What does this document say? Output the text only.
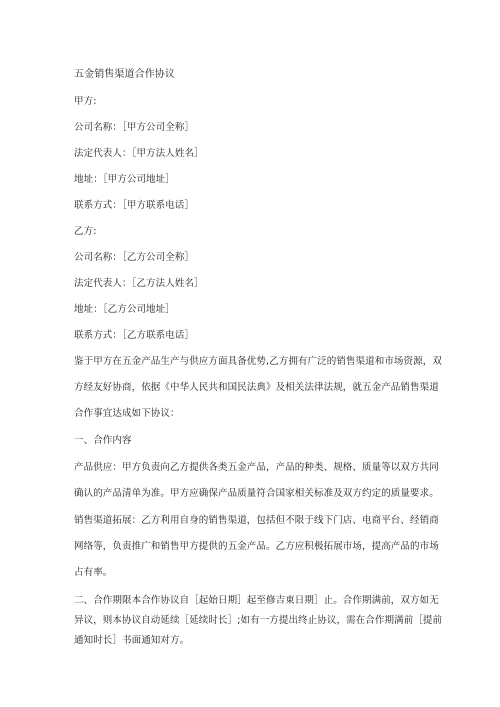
五金销售渠道合作协议

甲方:

公司名称：［甲方公司全称］

法定代表人：［甲方法人姓名］

地址：［甲方公司地址］

联系方式：［甲方联系电话］

乙方:

公司名称：［乙方公司全称］

法定代表人：［乙方法人姓名］

地址：［乙方公司地址］

联系方式：［乙方联系电话］

鉴于甲方在五金产品生产与供应方面具备优势,乙方拥有广泛的销售渠道和市场资源，双

方经友好协商，依据《中华人民共和国民法典》及相关法律法规，就五金产品销售渠道

合作事宜达成如下协议：

一、合作内容

产品供应：甲方负责向乙方提供各类五金产品，产品的种类、规格、质量等以双方共同

确认的产品清单为准。甲方应确保产品质量符合国家相关标准及双方约定的质量要求。

销售渠道拓展：乙方利用自身的销售渠道，包括但不限于线下门店、电商平台、经销商

网络等，负责推广和销售甲方提供的五金产品。乙方应积极拓展市场，提高产品的市场

占有率。

二、合作期限本合作协议自［起始日期］起至修吉東日期］止。合作期满前，双方如无

异议，则本协议自动延续［延续时长］;如有一方提出终止协议，需在合作期满前［提前

通知时长］书面通知对方。
